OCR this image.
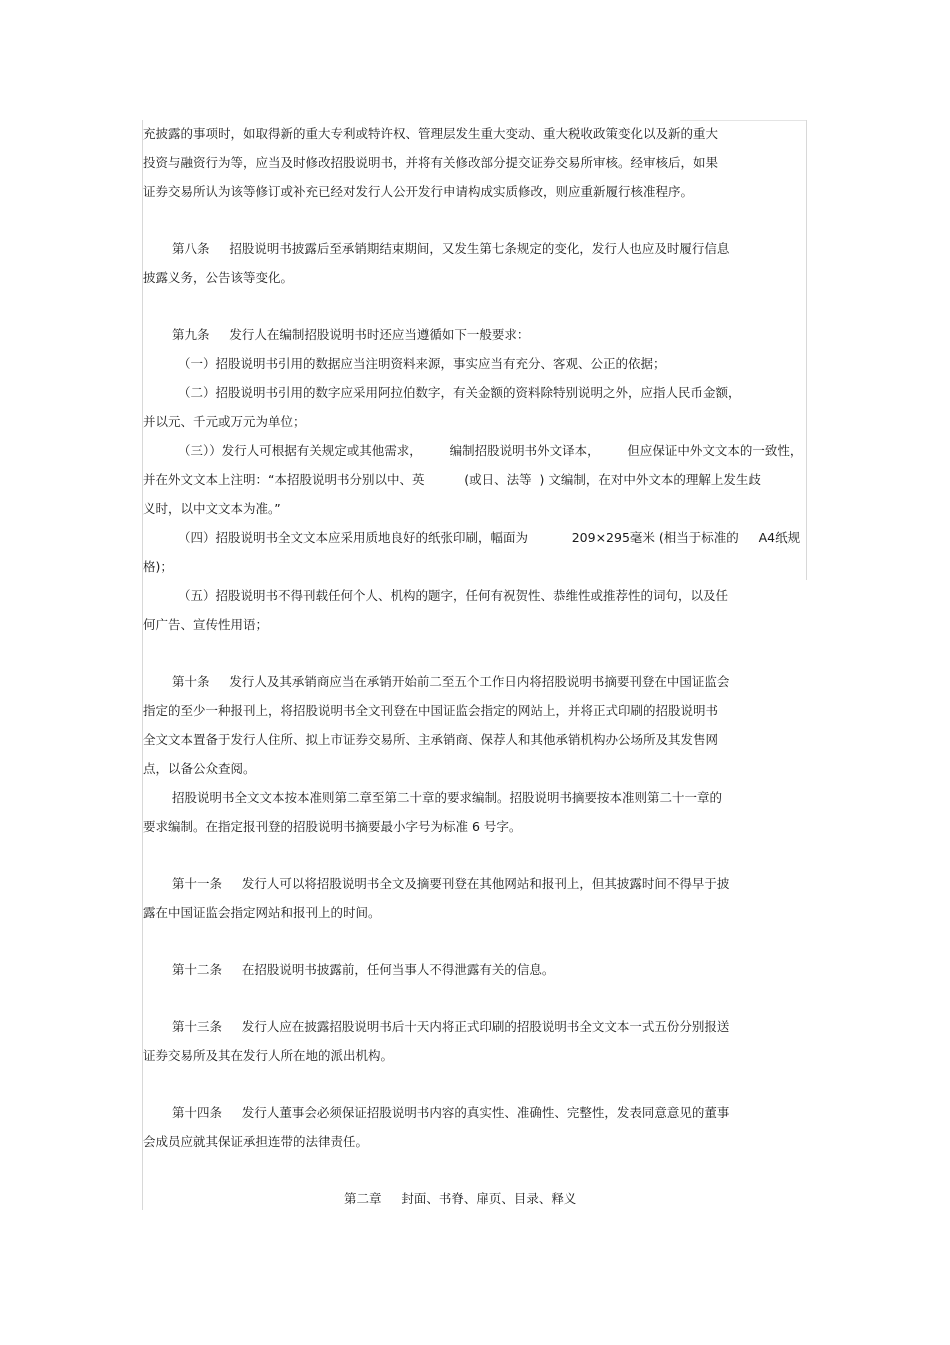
充披露的事项时，如取得新的重大专利或特许权、管理层发生重大变动、重大税收政策变化以及新的重大
投资与融资行为等，应当及时修改招股说明书，并将有关修改部分提交证券交易所审核。经审核后，如果
证券交易所认为该等修订或补充已经对发行人公开发行申请构成实质修改，则应重新履行核准程序。
第八条     招股说明书披露后至承销期结束期间，又发生第七条规定的变化，发行人也应及时履行信息
披露义务，公告该等变化。
第九条     发行人在编制招股说明书时还应当遵循如下一般要求：
（一）招股说明书引用的数据应当注明资料来源，事实应当有充分、客观、公正的依据；
（二）招股说明书引用的数字应采用阿拉伯数字，有关金额的资料除特别说明之外，应指人民币金额，
并以元、千元或万元为单位；
（三））发行人可根据有关规定或其他需求，       编制招股说明书外文译本，       但应保证中外文文本的一致性，
并在外文文本上注明：“本招股说明书分别以中、英          (或日、法等  ) 文编制，在对中外文本的理解上发生歧
义时，以中文文本为准。”
（四）招股说明书全文文本应采用质地良好的纸张印刷，幅面为           209×295毫米 (相当于标准的     A4纸规
格)；
（五）招股说明书不得刊载任何个人、机构的题字，任何有祝贺性、恭维性或推荐性的词句，以及任
何广告、宣传性用语；
第十条     发行人及其承销商应当在承销开始前二至五个工作日内将招股说明书摘要刊登在中国证监会
指定的至少一种报刊上，将招股说明书全文刊登在中国证监会指定的网站上，并将正式印刷的招股说明书
全文文本置备于发行人住所、拟上市证券交易所、主承销商、保荐人和其他承销机构办公场所及其发售网
点，以备公众查阅。
招股说明书全文文本按本准则第二章至第二十章的要求编制。招股说明书摘要按本准则第二十一章的
要求编制。在指定报刊登的招股说明书摘要最小字号为标准 6 号字。
第十一条     发行人可以将招股说明书全文及摘要刊登在其他网站和报刊上，但其披露时间不得早于披
露在中国证监会指定网站和报刊上的时间。
第十二条     在招股说明书披露前，任何当事人不得泄露有关的信息。
第十三条     发行人应在披露招股说明书后十天内将正式印刷的招股说明书全文文本一式五份分别报送
证券交易所及其在发行人所在地的派出机构。
第十四条     发行人董事会必须保证招股说明书内容的真实性、准确性、完整性，发表同意意见的董事
会成员应就其保证承担连带的法律责任。
第二章     封面、书脊、扉页、目录、释义
